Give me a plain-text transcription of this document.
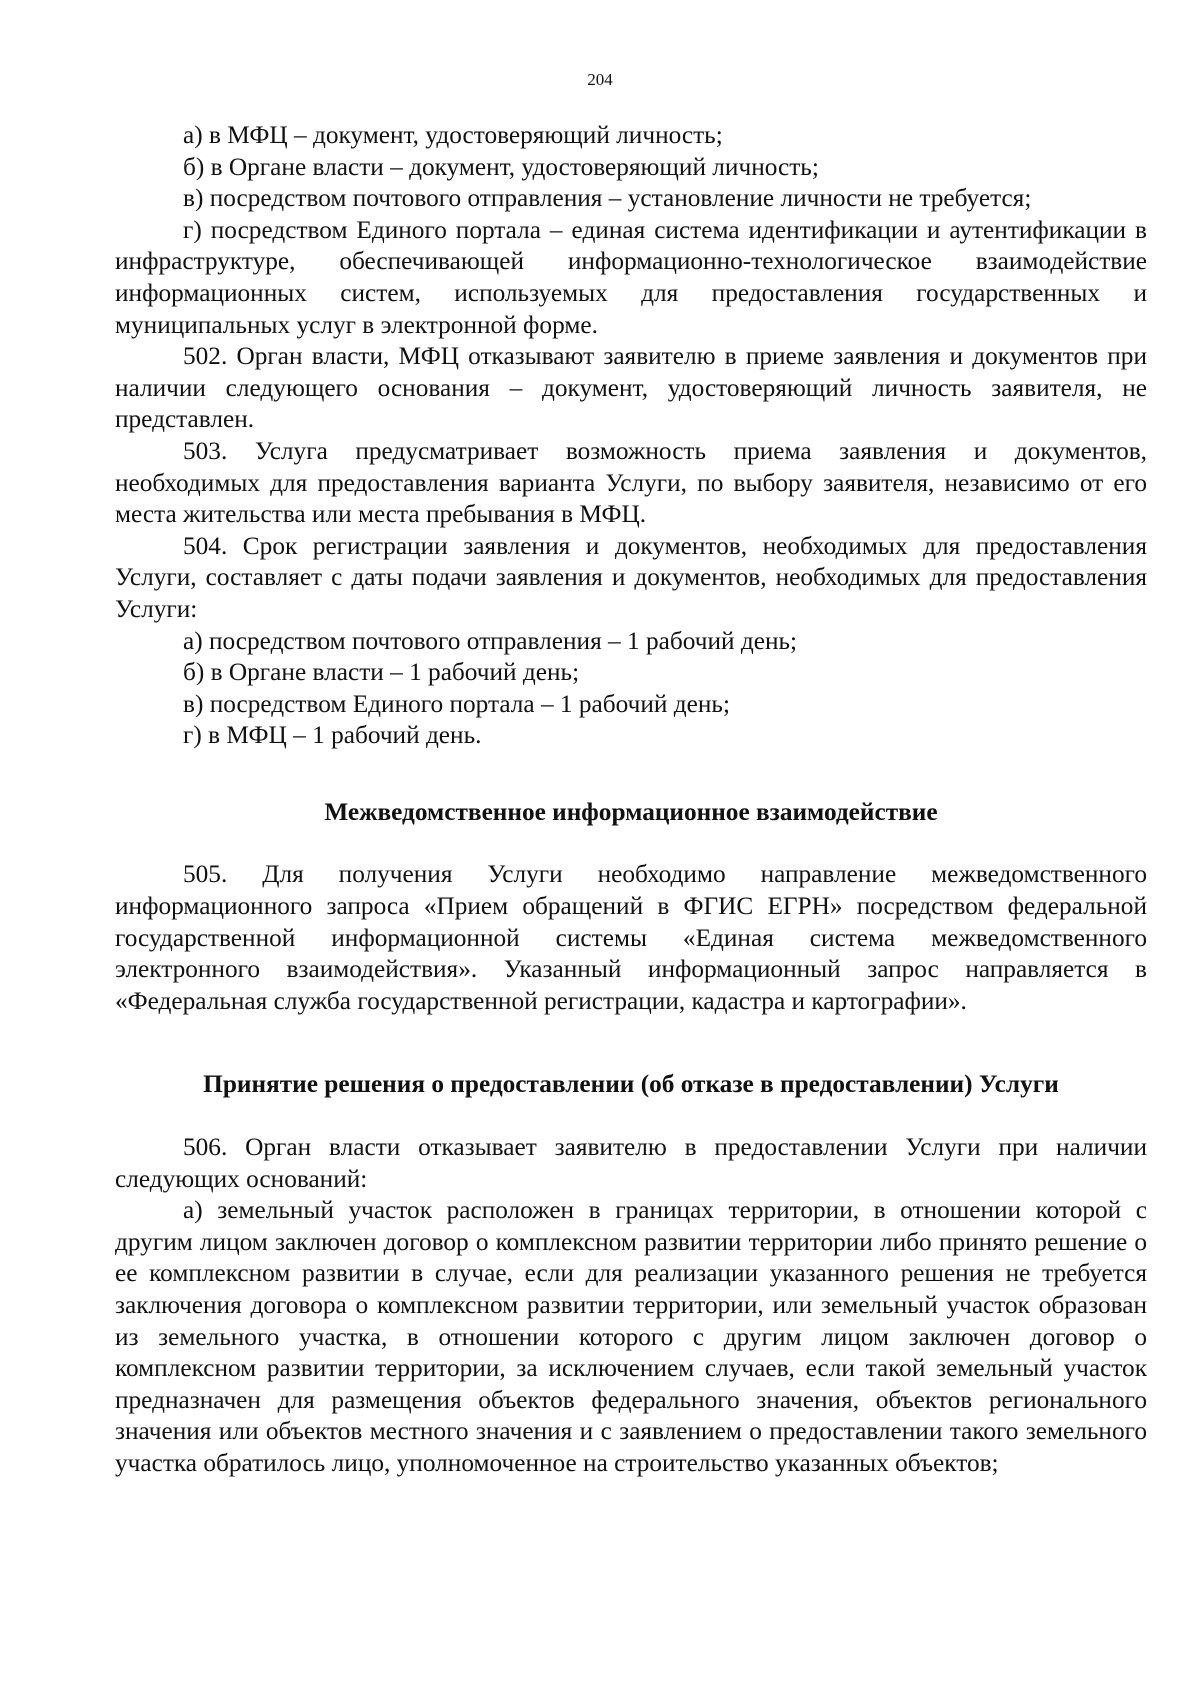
204

а) в МФЦ – документ, удостоверяющий личность;

б) в Органе власти – документ, удостоверяющий личность;

в) посредством почтового отправления – установление личности не требуется;

г) посредством Единого портала – единая система идентификации и аутентификации в инфраструктуре, обеспечивающей информационно-технологическое взаимодействие информационных систем, используемых для предоставления государственных и муниципальных услуг в электронной форме.

502. Орган власти, МФЦ отказывают заявителю в приеме заявления и документов при наличии следующего основания – документ, удостоверяющий личность заявителя, не представлен.

503. Услуга предусматривает возможность приема заявления и документов, необходимых для предоставления варианта Услуги, по выбору заявителя, независимо от его места жительства или места пребывания в МФЦ.

504. Срок регистрации заявления и документов, необходимых для предоставления Услуги, составляет с даты подачи заявления и документов, необходимых для предоставления Услуги:

а) посредством почтового отправления – 1 рабочий день;

б) в Органе власти – 1 рабочий день;

в) посредством Единого портала – 1 рабочий день;

г) в МФЦ – 1 рабочий день.

Межведомственное информационное взаимодействие

505. Для получения Услуги необходимо направление межведомственного информационного запроса «Прием обращений в ФГИС ЕГРН» посредством федеральной государственной информационной системы «Единая система межведомственного электронного взаимодействия». Указанный информационный запрос направляется в «Федеральная служба государственной регистрации, кадастра и картографии».

Принятие решения о предоставлении (об отказе в предоставлении) Услуги

506. Орган власти отказывает заявителю в предоставлении Услуги при наличии следующих оснований:

а) земельный участок расположен в границах территории, в отношении которой с другим лицом заключен договор о комплексном развитии территории либо принято решение о ее комплексном развитии в случае, если для реализации указанного решения не требуется заключения договора о комплексном развитии территории, или земельный участок образован из земельного участка, в отношении которого с другим лицом заключен договор о комплексном развитии территории, за исключением случаев, если такой земельный участок предназначен для размещения объектов федерального значения, объектов регионального значения или объектов местного значения и с заявлением о предоставлении такого земельного участка обратилось лицо, уполномоченное на строительство указанных объектов;
